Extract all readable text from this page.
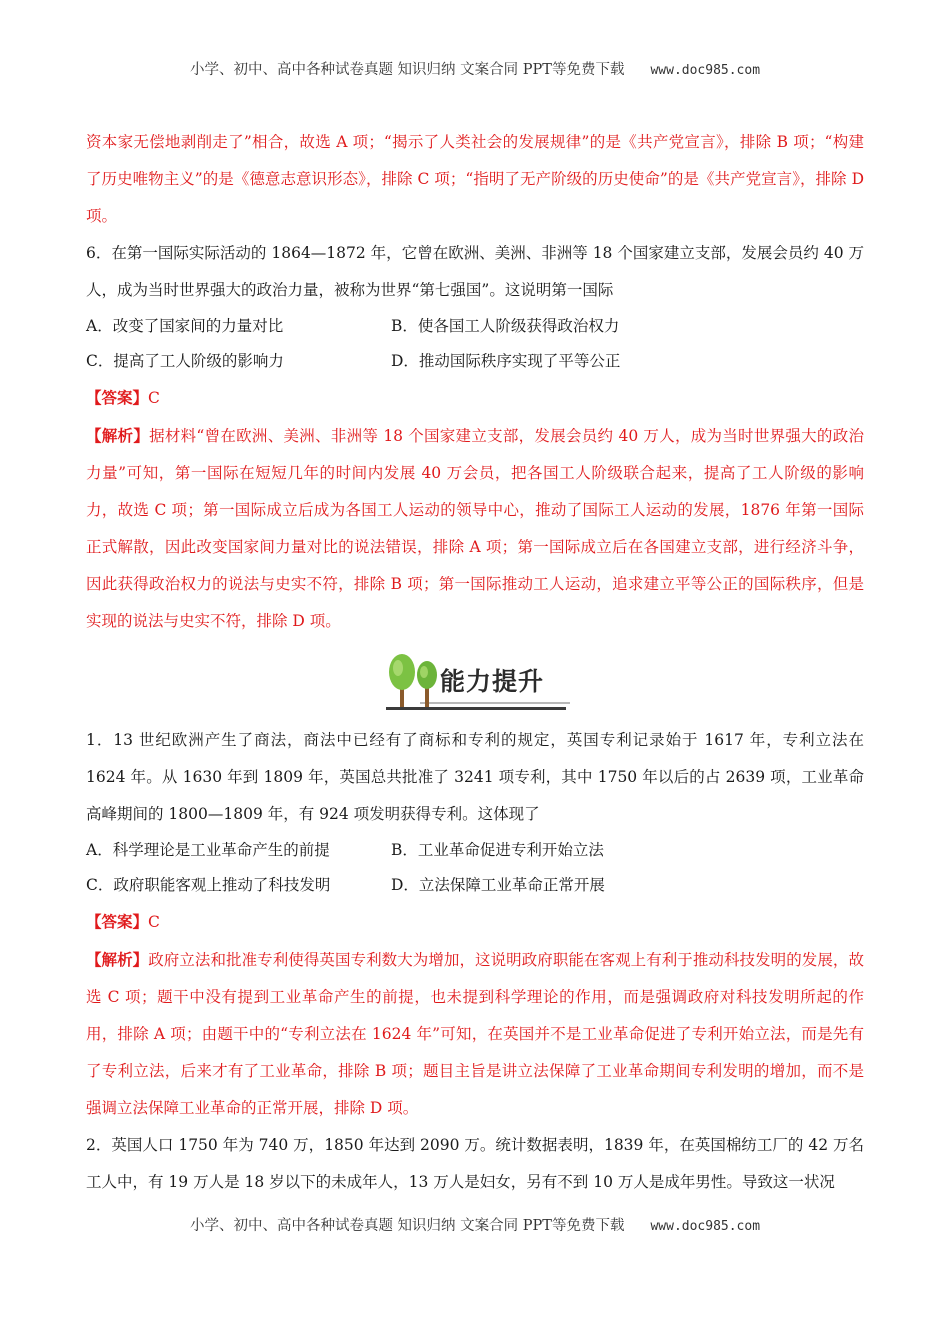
小学、初中、高中各种试卷真题 知识归纳 文案合同 PPT等免费下载 www.doc985.com

资本家无偿地剥削走了”相合，故选 A 项；“揭示了人类社会的发展规律”的是《共产党宣言》，排除 B 项；“构建了历史唯物主义”的是《德意志意识形态》，排除 C 项；“指明了无产阶级的历史使命”的是《共产党宣言》，排除 D 项。

6．在第一国际实际活动的 1864—1872 年，它曾在欧洲、美洲、非洲等 18 个国家建立支部，发展会员约 40 万人，成为当时世界强大的政治力量，被称为世界“第七强国”。这说明第一国际

A．改变了国家间的力量对比	B．使各国工人阶级获得政治权力
C．提高了工人阶级的影响力	D．推动国际秩序实现了平等公正

【答案】C

【解析】据材料“曾在欧洲、美洲、非洲等 18 个国家建立支部，发展会员约 40 万人，成为当时世界强大的政治力量”可知，第一国际在短短几年的时间内发展 40 万会员，把各国工人阶级联合起来，提高了工人阶级的影响力，故选 C 项；第一国际成立后成为各国工人运动的领导中心，推动了国际工人运动的发展，1876 年第一国际正式解散，因此改变国家间力量对比的说法错误，排除 A 项；第一国际成立后在各国建立支部，进行经济斗争，因此获得政治权力的说法与史实不符，排除 B 项；第一国际推动工人运动，追求建立平等公正的国际秩序，但是实现的说法与史实不符，排除 D 项。

能力提升

1．13 世纪欧洲产生了商法，商法中已经有了商标和专利的规定，英国专利记录始于 1617 年，专利立法在 1624 年。从 1630 年到 1809 年，英国总共批准了 3241 项专利，其中 1750 年以后的占 2639 项，工业革命高峰期间的 1800—1809 年，有 924 项发明获得专利。这体现了

A．科学理论是工业革命产生的前提	B．工业革命促进专利开始立法
C．政府职能客观上推动了科技发明	D．立法保障工业革命正常开展

【答案】C

【解析】政府立法和批准专利使得英国专利数大为增加，这说明政府职能在客观上有利于推动科技发明的发展，故选 C 项；题干中没有提到工业革命产生的前提，也未提到科学理论的作用，而是强调政府对科技发明所起的作用，排除 A 项；由题干中的“专利立法在 1624 年”可知，在英国并不是工业革命促进了专利开始立法，而是先有了专利立法，后来才有了工业革命，排除 B 项；题目主旨是讲立法保障了工业革命期间专利发明的增加，而不是强调立法保障工业革命的正常开展，排除 D 项。

2．英国人口 1750 年为 740 万，1850 年达到 2090 万。统计数据表明，1839 年，在英国棉纺工厂的 42 万名工人中，有 19 万人是 18 岁以下的未成年人，13 万人是妇女，另有不到 10 万人是成年男性。导致这一状况

小学、初中、高中各种试卷真题 知识归纳 文案合同 PPT等免费下载 www.doc985.com
